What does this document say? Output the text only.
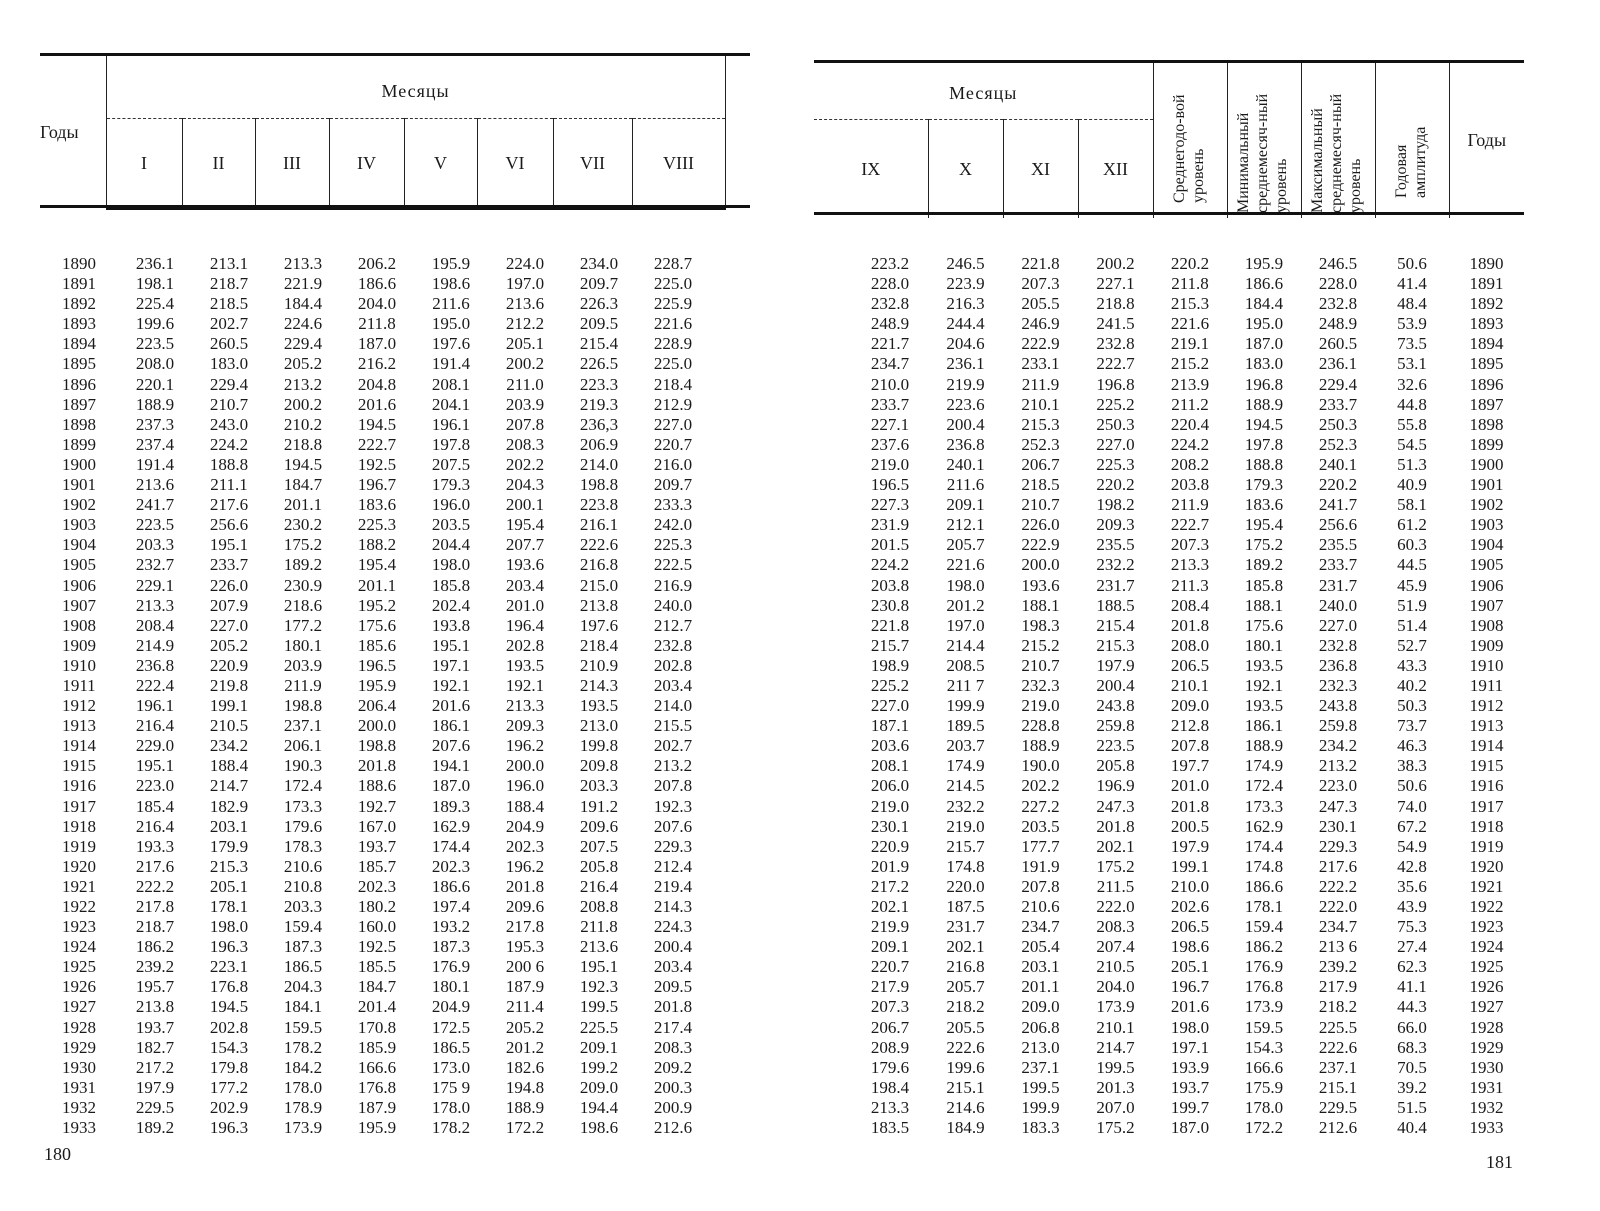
Годы	Месяцы								
	I	II	III	IV	V	VI	VII	VIII	
1890	236.1	213.1	213.3	206.2	195.9	224.0	234.0	228.7
1891	198.1	218.7	221.9	186.6	198.6	197.0	209.7	225.0
1892	225.4	218.5	184.4	204.0	211.6	213.6	226.3	225.9
1893	199.6	202.7	224.6	211.8	195.0	212.2	209.5	221.6
1894	223.5	260.5	229.4	187.0	197.6	205.1	215.4	228.9
1895	208.0	183.0	205.2	216.2	191.4	200.2	226.5	225.0
1896	220.1	229.4	213.2	204.8	208.1	211.0	223.3	218.4
1897	188.9	210.7	200.2	201.6	204.1	203.9	219.3	212.9
1898	237.3	243.0	210.2	194.5	196.1	207.8	236,3	227.0
1899	237.4	224.2	218.8	222.7	197.8	208.3	206.9	220.7
1900	191.4	188.8	194.5	192.5	207.5	202.2	214.0	216.0
1901	213.6	211.1	184.7	196.7	179.3	204.3	198.8	209.7
1902	241.7	217.6	201.1	183.6	196.0	200.1	223.8	233.3
1903	223.5	256.6	230.2	225.3	203.5	195.4	216.1	242.0
1904	203.3	195.1	175.2	188.2	204.4	207.7	222.6	225.3
1905	232.7	233.7	189.2	195.4	198.0	193.6	216.8	222.5
1906	229.1	226.0	230.9	201.1	185.8	203.4	215.0	216.9
1907	213.3	207.9	218.6	195.2	202.4	201.0	213.8	240.0
1908	208.4	227.0	177.2	175.6	193.8	196.4	197.6	212.7
1909	214.9	205.2	180.1	185.6	195.1	202.8	218.4	232.8
1910	236.8	220.9	203.9	196.5	197.1	193.5	210.9	202.8
1911	222.4	219.8	211.9	195.9	192.1	192.1	214.3	203.4
1912	196.1	199.1	198.8	206.4	201.6	213.3	193.5	214.0
1913	216.4	210.5	237.1	200.0	186.1	209.3	213.0	215.5
1914	229.0	234.2	206.1	198.8	207.6	196.2	199.8	202.7
1915	195.1	188.4	190.3	201.8	194.1	200.0	209.8	213.2
1916	223.0	214.7	172.4	188.6	187.0	196.0	203.3	207.8
1917	185.4	182.9	173.3	192.7	189.3	188.4	191.2	192.3
1918	216.4	203.1	179.6	167.0	162.9	204.9	209.6	207.6
1919	193.3	179.9	178.3	193.7	174.4	202.3	207.5	229.3
1920	217.6	215.3	210.6	185.7	202.3	196.2	205.8	212.4
1921	222.2	205.1	210.8	202.3	186.6	201.8	216.4	219.4
1922	217.8	178.1	203.3	180.2	197.4	209.6	208.8	214.3
1923	218.7	198.0	159.4	160.0	193.2	217.8	211.8	224.3
1924	186.2	196.3	187.3	192.5	187.3	195.3	213.6	200.4
1925	239.2	223.1	186.5	185.5	176.9	200 6	195.1	203.4
1926	195.7	176.8	204.3	184.7	180.1	187.9	192.3	209.5
1927	213.8	194.5	184.1	201.4	204.9	211.4	199.5	201.8
1928	193.7	202.8	159.5	170.8	172.5	205.2	225.5	217.4
1929	182.7	154.3	178.2	185.9	186.5	201.2	209.1	208.3
1930	217.2	179.8	184.2	166.6	173.0	182.6	199.2	209.2
1931	197.9	177.2	178.0	176.8	175 9	194.8	209.0	200.3
1932	229.5	202.9	178.9	187.9	178.0	188.9	194.4	200.9
1933	189.2	196.3	173.9	195.9	178.2	172.2	198.6	212.6
180
Месяцы				Среднегодо-вой уровень	Минимальный среднемесяч-ный уровень	Максимальный среднемесяч-ный уровень	Годовая амплитуда	Годы
IX	X	XI	XII					
223.2	246.5	221.8	200.2	220.2	195.9	246.5	50.6	1890
228.0	223.9	207.3	227.1	211.8	186.6	228.0	41.4	1891
232.8	216.3	205.5	218.8	215.3	184.4	232.8	48.4	1892
248.9	244.4	246.9	241.5	221.6	195.0	248.9	53.9	1893
221.7	204.6	222.9	232.8	219.1	187.0	260.5	73.5	1894
234.7	236.1	233.1	222.7	215.2	183.0	236.1	53.1	1895
210.0	219.9	211.9	196.8	213.9	196.8	229.4	32.6	1896
233.7	223.6	210.1	225.2	211.2	188.9	233.7	44.8	1897
227.1	200.4	215.3	250.3	220.4	194.5	250.3	55.8	1898
237.6	236.8	252.3	227.0	224.2	197.8	252.3	54.5	1899
219.0	240.1	206.7	225.3	208.2	188.8	240.1	51.3	1900
196.5	211.6	218.5	220.2	203.8	179.3	220.2	40.9	1901
227.3	209.1	210.7	198.2	211.9	183.6	241.7	58.1	1902
231.9	212.1	226.0	209.3	222.7	195.4	256.6	61.2	1903
201.5	205.7	222.9	235.5	207.3	175.2	235.5	60.3	1904
224.2	221.6	200.0	232.2	213.3	189.2	233.7	44.5	1905
203.8	198.0	193.6	231.7	211.3	185.8	231.7	45.9	1906
230.8	201.2	188.1	188.5	208.4	188.1	240.0	51.9	1907
221.8	197.0	198.3	215.4	201.8	175.6	227.0	51.4	1908
215.7	214.4	215.2	215.3	208.0	180.1	232.8	52.7	1909
198.9	208.5	210.7	197.9	206.5	193.5	236.8	43.3	1910
225.2	211 7	232.3	200.4	210.1	192.1	232.3	40.2	1911
227.0	199.9	219.0	243.8	209.0	193.5	243.8	50.3	1912
187.1	189.5	228.8	259.8	212.8	186.1	259.8	73.7	1913
203.6	203.7	188.9	223.5	207.8	188.9	234.2	46.3	1914
208.1	174.9	190.0	205.8	197.7	174.9	213.2	38.3	1915
206.0	214.5	202.2	196.9	201.0	172.4	223.0	50.6	1916
219.0	232.2	227.2	247.3	201.8	173.3	247.3	74.0	1917
230.1	219.0	203.5	201.8	200.5	162.9	230.1	67.2	1918
220.9	215.7	177.7	202.1	197.9	174.4	229.3	54.9	1919
201.9	174.8	191.9	175.2	199.1	174.8	217.6	42.8	1920
217.2	220.0	207.8	211.5	210.0	186.6	222.2	35.6	1921
202.1	187.5	210.6	222.0	202.6	178.1	222.0	43.9	1922
219.9	231.7	234.7	208.3	206.5	159.4	234.7	75.3	1923
209.1	202.1	205.4	207.4	198.6	186.2	213 6	27.4	1924
220.7	216.8	203.1	210.5	205.1	176.9	239.2	62.3	1925
217.9	205.7	201.1	204.0	196.7	176.8	217.9	41.1	1926
207.3	218.2	209.0	173.9	201.6	173.9	218.2	44.3	1927
206.7	205.5	206.8	210.1	198.0	159.5	225.5	66.0	1928
208.9	222.6	213.0	214.7	197.1	154.3	222.6	68.3	1929
179.6	199.6	237.1	199.5	193.9	166.6	237.1	70.5	1930
198.4	215.1	199.5	201.3	193.7	175.9	215.1	39.2	1931
213.3	214.6	199.9	207.0	199.7	178.0	229.5	51.5	1932
183.5	184.9	183.3	175.2	187.0	172.2	212.6	40.4	1933
181
